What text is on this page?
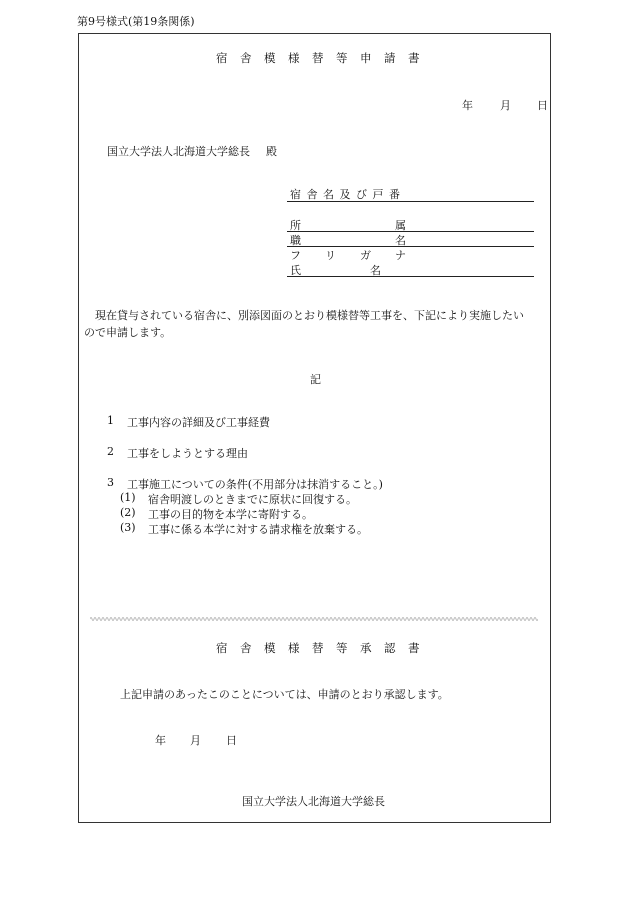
第9号様式(第19条関係)
宿 舎 模 様 替 等 申 請 書
年 月 日
国立大学法人北海道大学総長 殿
宿 舎 名 及 び 戸 番
所	属
職	名
フ リ ガ ナ
氏	名
現在貸与されている宿舎に、別添図面のとおり模様替等工事を、下記により実施したい
ので申請します。
記
1 工事内容の詳細及び工事経費
2 工事をしようとする理由
3 工事施工についての条件(不用部分は抹消すること。)
(1) 宿舎明渡しのときまでに原状に回復する。
(2) 工事の目的物を本学に寄附する。
(3) 工事に係る本学に対する請求権を放棄する。
宿 舎 模 様 替 等 承 認 書
上記申請のあったこのことについては、申請のとおり承認します。
年 月 日
国立大学法人北海道大学総長
